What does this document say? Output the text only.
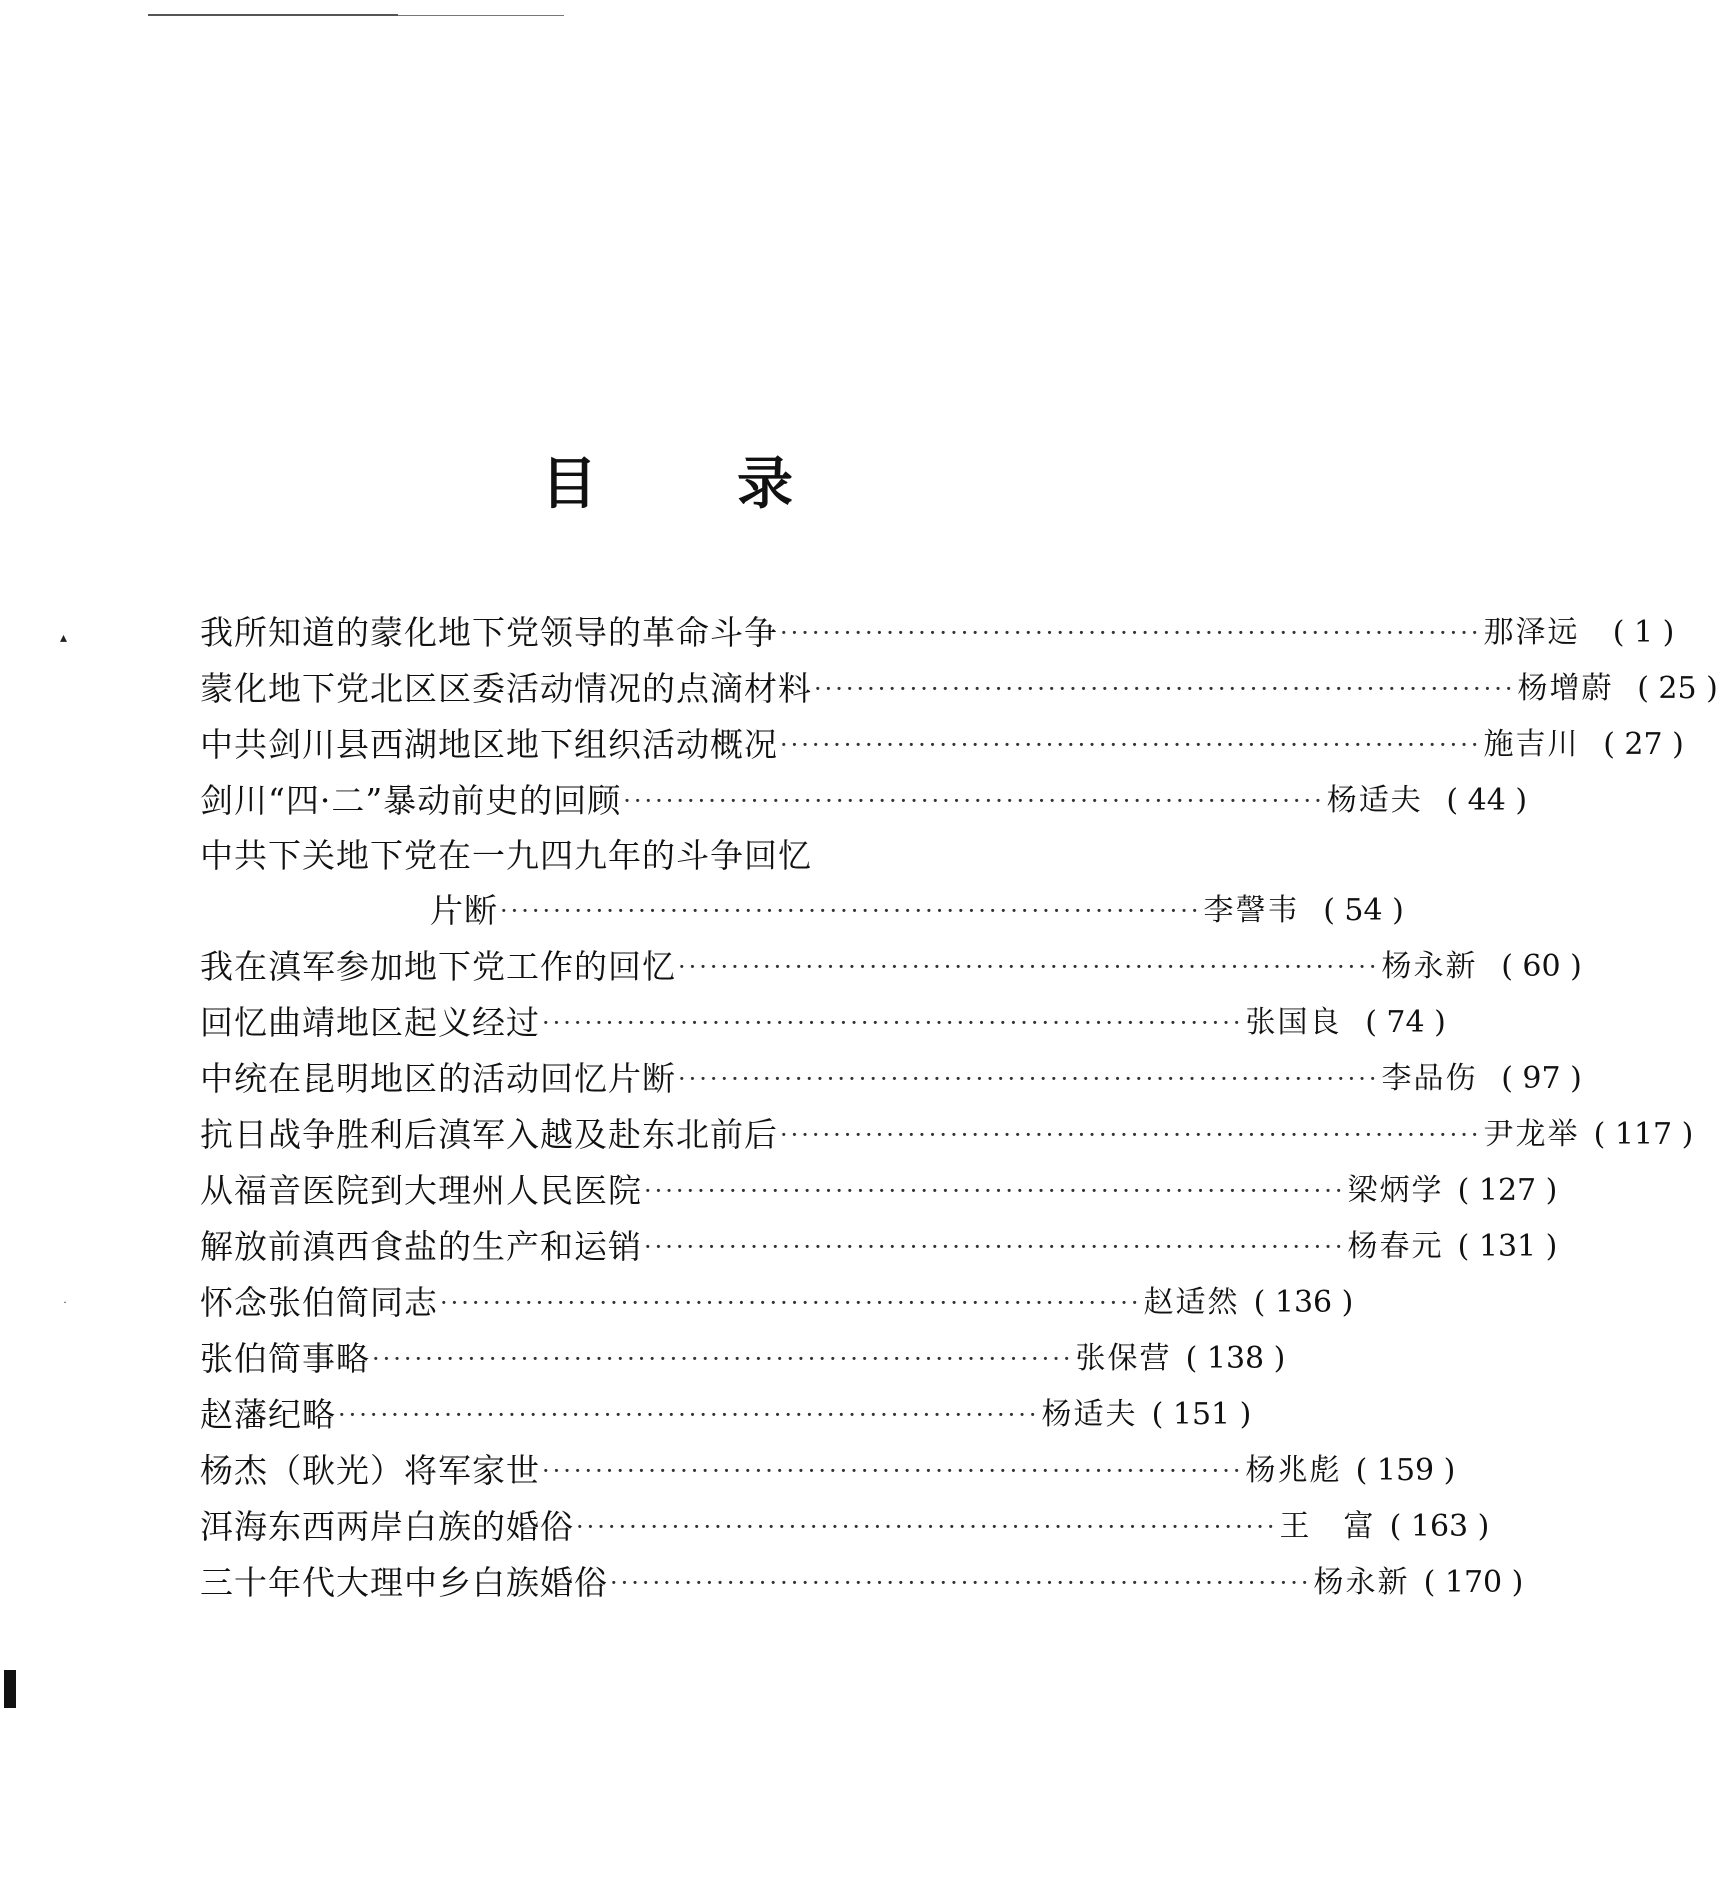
目	录
我所知道的蒙化地下党领导的革命斗争 ·································································· 那泽远	( 1 )
蒙化地下党北区区委活动情况的点滴材料 ·································································· 杨增蔚 ( 25 )
中共剑川县西湖地区地下组织活动概况 ·································································· 施吉川 ( 27 )
剑川“四·二”暴动前史的回顾 ·································································· 杨适夫 ( 44 )
中共下关地下党在一九四九年的斗争回忆
片断 ·································································· 李謦韦 ( 54 )
我在滇军参加地下党工作的回忆 ·································································· 杨永新 ( 60 )
回忆曲靖地区起义经过 ·································································· 张国良 ( 74 )
中统在昆明地区的活动回忆片断 ·································································· 李品伤 ( 97 )
抗日战争胜利后滇军入越及赴东北前后 ·································································· 尹龙举 ( 117 )
从福音医院到大理州人民医院 ·································································· 梁炳学 ( 127 )
解放前滇西食盐的生产和运销 ·································································· 杨春元 ( 131 )
怀念张伯简同志 ·································································· 赵适然 ( 136 )
张伯简事略 ·································································· 张保营 ( 138 )
赵藩纪略 ·································································· 杨适夫 ( 151 )
杨杰（耿光）将军家世 ·································································· 杨兆彪 ( 159 )
洱海东西两岸白族的婚俗 ·································································· 王　富 ( 163 )
三十年代大理中乡白族婚俗 ·································································· 杨永新 ( 170 )
▴
˙
